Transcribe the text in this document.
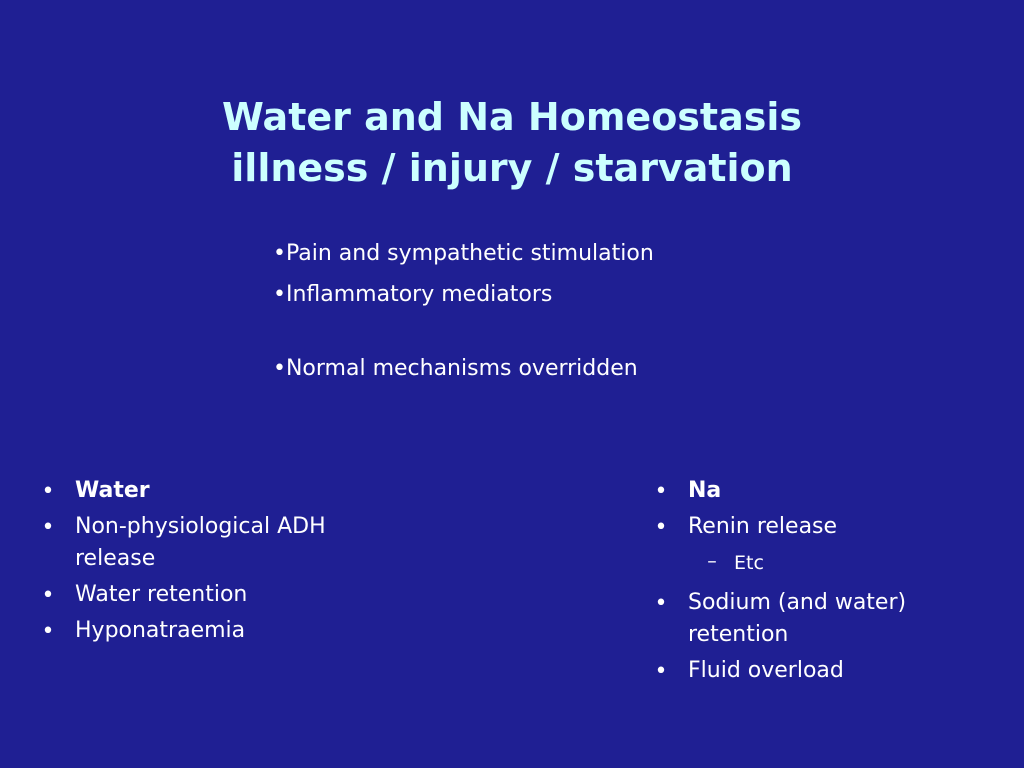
Water and Na Homeostasis
illness / injury / starvation
•Pain and sympathetic stimulation
•Inflammatory mediators
•Normal mechanisms overridden
• Water
• Non-physiological ADH release
• Water retention
• Hyponatraemia
• Na
• Renin release
– Etc
• Sodium (and water) retention
• Fluid overload
